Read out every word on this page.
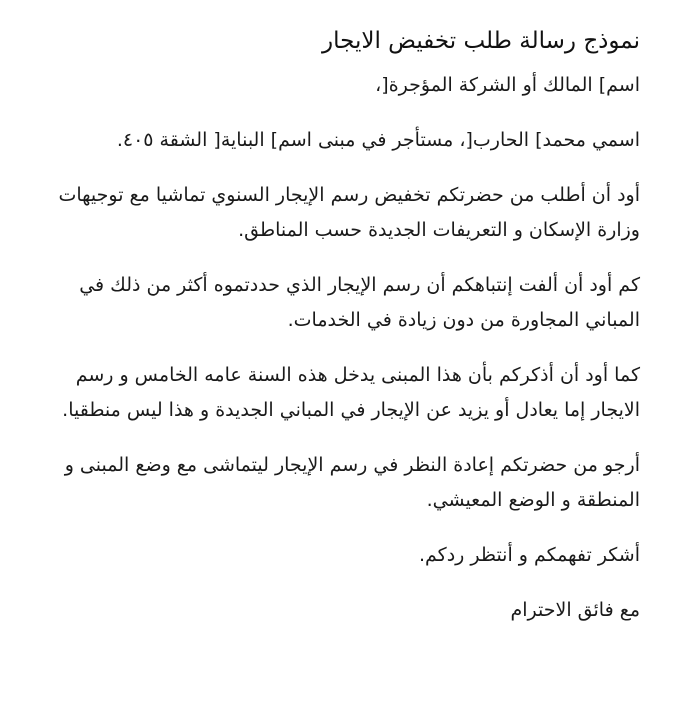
نموذج رسالة طلب تخفيض الايجار

اسم] المالك أو الشركة المؤجرة[،

اسمي محمد] الحارب[، مستأجر في مبنى اسم] البناية[ الشقة ٤٠٥.

أود أن أطلب من حضرتكم تخفيض رسم الإيجار السنوي تماشيا مع توجيهات وزارة الإسكان و التعريفات الجديدة حسب المناطق.

كم أود أن ألفت إنتباهكم أن رسم الإيجار الذي حددتموه أكثر من ذلك في المباني المجاورة من دون زيادة في الخدمات.

كما أود أن أذكركم بأن هذا المبنى يدخل هذه السنة عامه الخامس و رسم الايجار إما يعادل أو يزيد عن الإيجار في المباني الجديدة و هذا ليس منطقيا.

أرجو من حضرتكم إعادة النظر في رسم الإيجار ليتماشى مع وضع المبنى و المنطقة و الوضع المعيشي.

أشكر تفهمكم و أنتظر ردكم.

مع فائق الاحترام
